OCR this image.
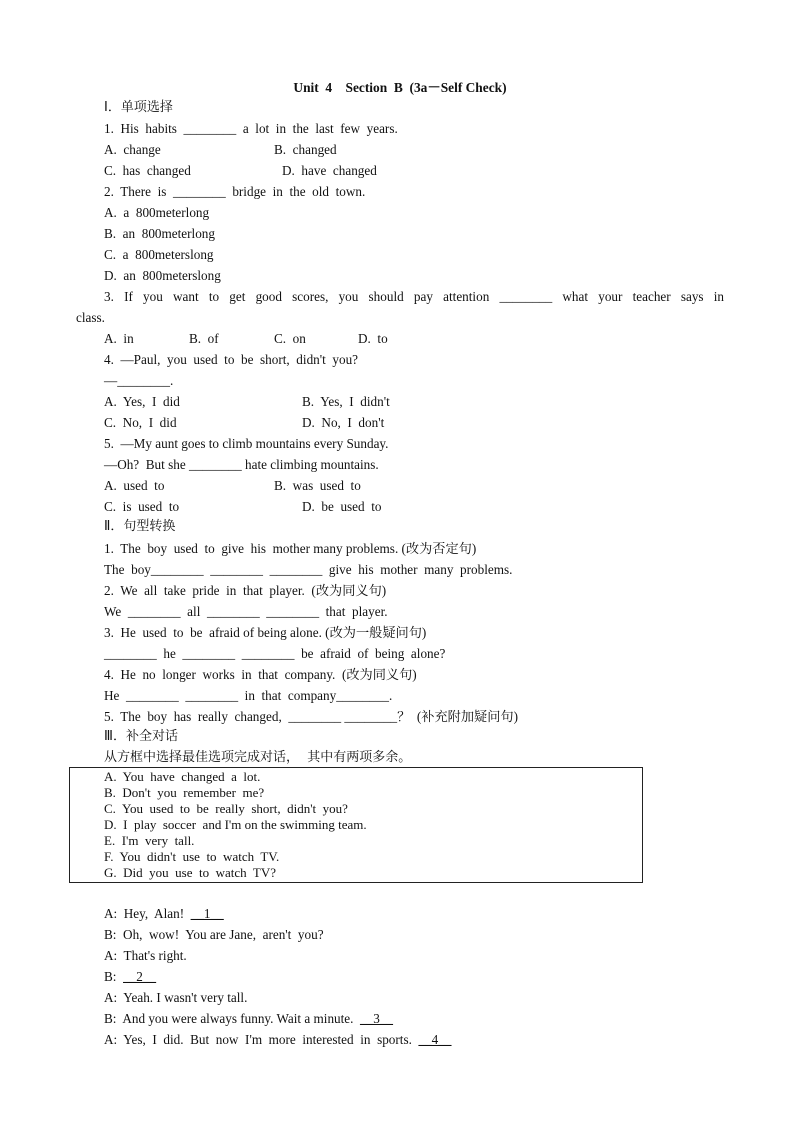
Unit  4    Section  B  (3a－Self Check)
Ⅰ．单项选择
1.  His  habits  ________  a  lot  in  the  last  few  years.
A.  change	B.  changed
C.  has  changed	D.  have  changed
2.  There  is  ________  bridge  in  the  old  town.
A.  a  800meterlong
B.  an  800meterlong
C.  a  800meterslong
D.  an  800meterslong
3. If you want to get good scores, you should pay attention ________ what your teacher says in
class.
A.  in	B.  of	C.  on	D.  to
4.  —Paul,  you  used  to  be  short,  didn't  you?
—________.
A.  Yes,  I  did	B.  Yes,  I  didn't
C.  No,  I  did	D.  No,  I  don't
5.  —My aunt goes to climb mountains every Sunday.
—Oh?  But she ________ hate climbing mountains.
A.  used  to	B.  was  used  to
C.  is  used  to	D.  be  used  to
Ⅱ．句型转换
1.  The  boy  used  to  give  his  mother many problems. (改为否定句)
The  boy________  ________  ________  give  his  mother  many  problems.
2.  We  all  take  pride  in  that  player.  (改为同义句)
We  ________  all  ________  ________  that  player.
3.  He  used  to  be  afraid of being alone. (改为一般疑问句)
________  he  ________  ________  be  afraid  of  being  alone?
4.  He  no  longer  works  in  that  company.  (改为同义句)
He  ________  ________  in  that  company________.
5.  The  boy  has  really  changed,  ________ ________？  (补充附加疑问句)
Ⅲ．补全对话
从方框中选择最佳选项完成对话，  其中有两项多余。
A.  You  have  changed  a  lot.
B.  Don't  you  remember  me?
C.  You  used  to  be  really  short,  didn't  you?
D.  I  play  soccer  and I'm on the swimming team.
E.  I'm  very  tall.
F.  You  didn't  use  to  watch  TV.
G.  Did  you  use  to  watch  TV?
A:  Hey,  Alan!  __1__
B:  Oh,  wow!  You are Jane,  aren't  you?
A:  That's right.
B:  __2__
A:  Yeah. I wasn't very tall.
B:  And you were always funny. Wait a minute.  __3__
A:  Yes,  I  did.  But  now  I'm  more  interested  in  sports.  __4__
